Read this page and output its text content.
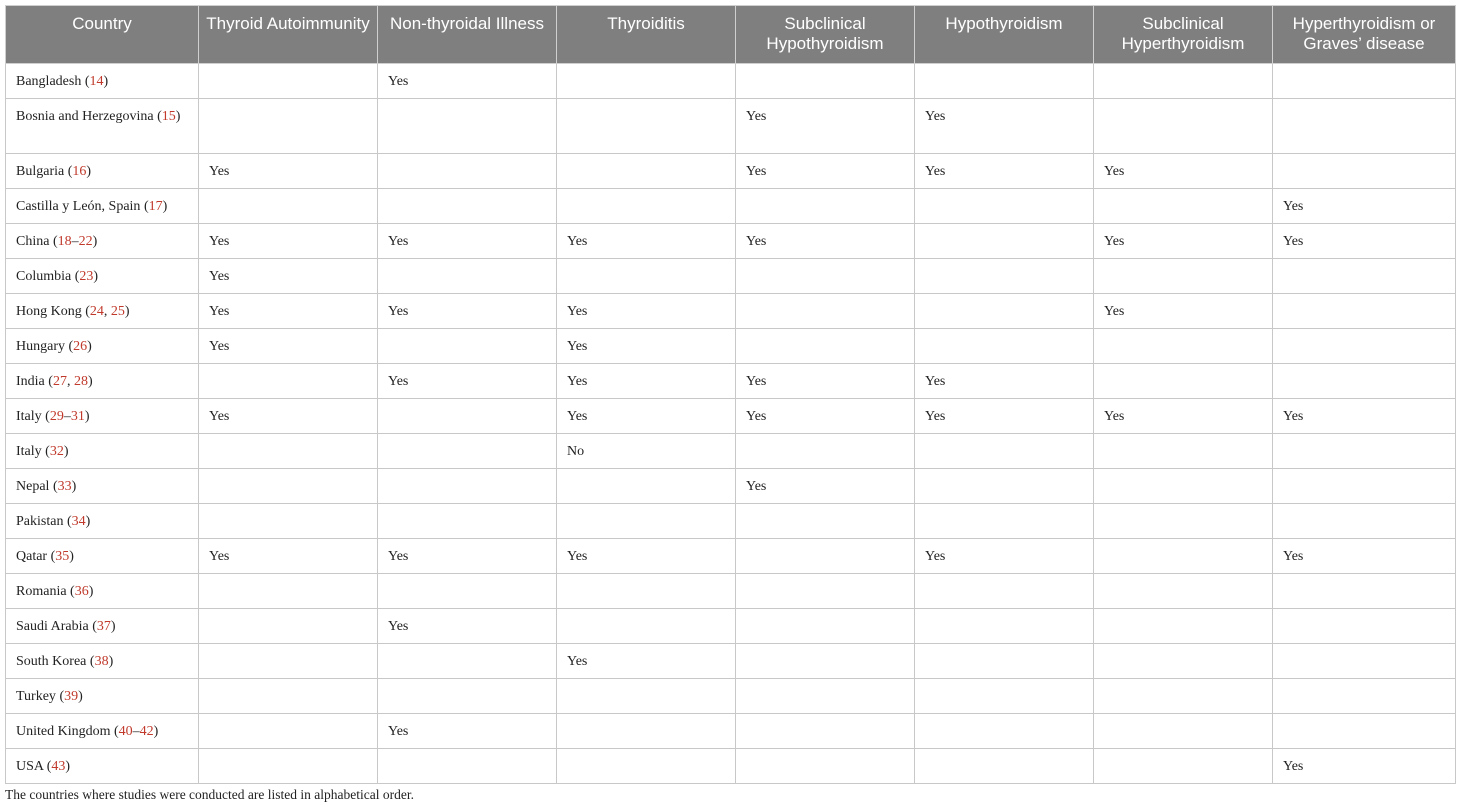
Country	Thyroid Autoimmunity	Non-thyroidal Illness	Thyroiditis	Subclinical Hypothyroidism	Hypothyroidism	Subclinical Hyperthyroidism	Hyperthyroidism or Graves’ disease
Bangladesh (14)		Yes					
Bosnia and Herzegovina (15)				Yes	Yes		
Bulgaria (16)	Yes			Yes	Yes	Yes	
Castilla y León, Spain (17)							Yes
China (18–22)	Yes	Yes	Yes	Yes		Yes	Yes
Columbia (23)	Yes						
Hong Kong (24, 25)	Yes	Yes	Yes			Yes	
Hungary (26)	Yes		Yes				
India (27, 28)		Yes	Yes	Yes	Yes		
Italy (29–31)	Yes		Yes	Yes	Yes	Yes	Yes
Italy (32)			No				
Nepal (33)				Yes			
Pakistan (34)							
Qatar (35)	Yes	Yes	Yes		Yes		Yes
Romania (36)							
Saudi Arabia (37)		Yes					
South Korea (38)			Yes				
Turkey (39)							
United Kingdom (40–42)		Yes					
USA (43)							Yes
The countries where studies were conducted are listed in alphabetical order.
